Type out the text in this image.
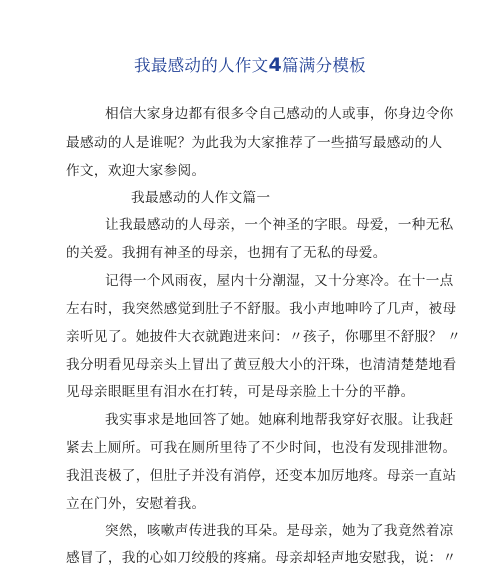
我最感动的人作文4篇满分模板
相信大家身边都有很多令自己感动的人或事，你身边令你
最感动的人是谁呢？为此我为大家推荐了一些描写最感动的人
作文，欢迎大家参阅。
我最感动的人作文篇一
让我最感动的人母亲，一个神圣的字眼。母爱，一种无私
的关爱。我拥有神圣的母亲，也拥有了无私的母爱。
记得一个风雨夜，屋内十分潮湿，又十分寒冷。在十一点
左右时，我突然感觉到肚子不舒服。我小声地呻吟了几声，被母
亲听见了。她披件大衣就跑进来问：〃孩子，你哪里不舒服？ 〃
我分明看见母亲头上冒出了黄豆般大小的汗珠，也清清楚楚地看
见母亲眼眶里有泪水在打转，可是母亲脸上十分的平静。
我实事求是地回答了她。她麻利地帮我穿好衣服。让我赶
紧去上厕所。可我在厕所里待了不少时间，也没有发现排泄物。
我沮丧极了，但肚子并没有消停，还变本加厉地疼。母亲一直站
立在门外，安慰着我。
突然，咳嗽声传进我的耳朵。是母亲，她为了我竟然着凉
感冒了，我的心如刀绞般的疼痛。母亲却轻声地安慰我，说：〃
